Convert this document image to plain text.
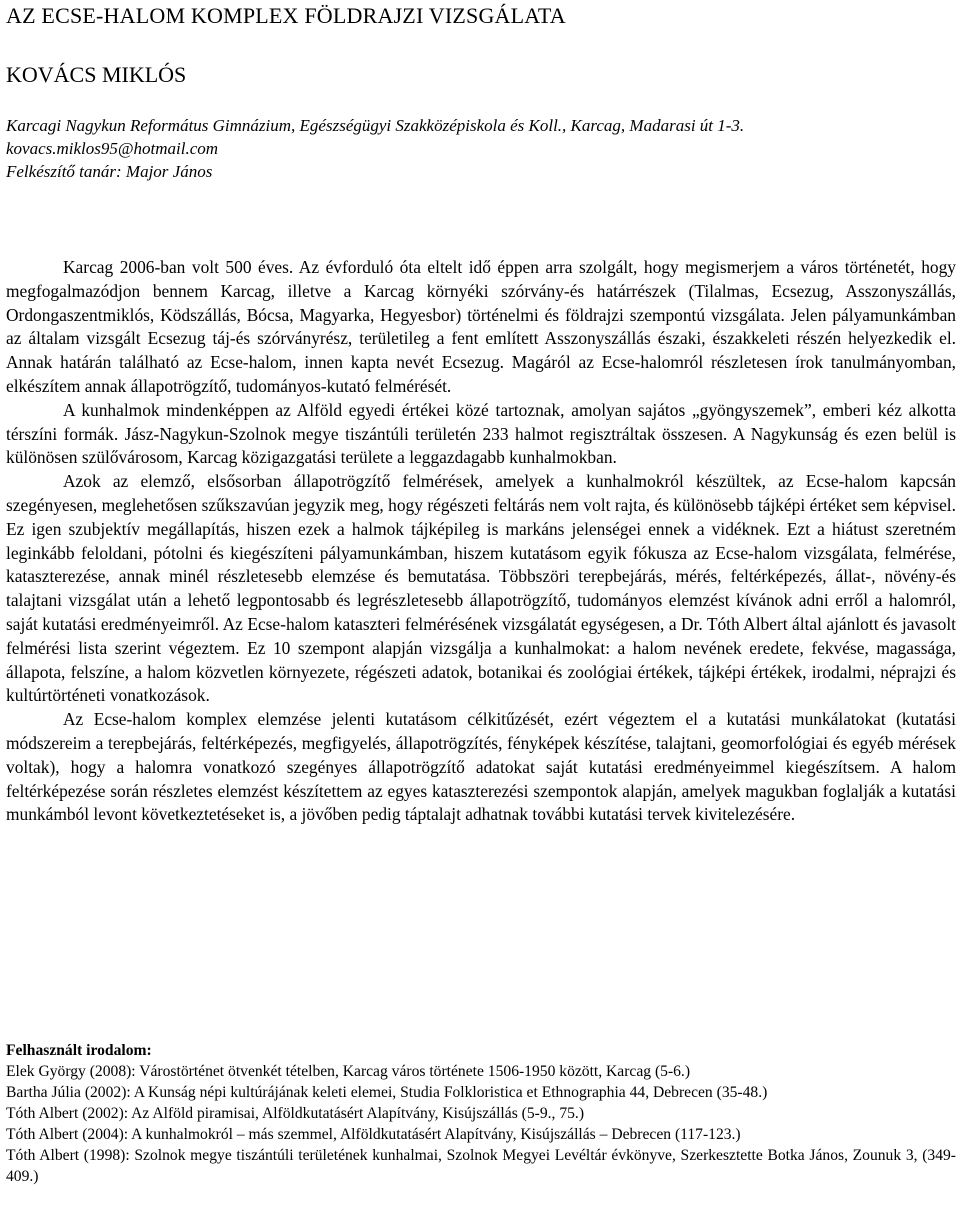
AZ ECSE-HALOM KOMPLEX FÖLDRAJZI VIZSGÁLATA
KOVÁCS MIKLÓS
Karcagi Nagykun Református Gimnázium, Egészségügyi Szakközépiskola és Koll., Karcag, Madarasi út 1-3.
kovacs.miklos95@hotmail.com
Felkészítő tanár: Major János

Karcag 2006-ban volt 500 éves. Az évforduló óta eltelt idő éppen arra szolgált, hogy megismerjem a város történetét, hogy megfogalmazódjon bennem Karcag, illetve a Karcag környéki szórvány-és határrészek (Tilalmas, Ecsezug, Asszonyszállás, Ordongaszentmiklós, Ködszállás, Bócsa, Magyarka, Hegyesbor) történelmi és földrajzi szempontú vizsgálata. Jelen pályamunkámban az általam vizsgált Ecsezug táj-és szórványrész, területileg a fent említett Asszonyszállás északi, északkeleti részén helyezkedik el. Annak határán található az Ecse-halom, innen kapta nevét Ecsezug. Magáról az Ecse-halomról részletesen írok tanulmányomban, elkészítem annak állapotrögzítő, tudományos-kutató felmérését.

A kunhalmok mindenképpen az Alföld egyedi értékei közé tartoznak, amolyan sajátos „gyöngyszemek”, emberi kéz alkotta térszíni formák. Jász-Nagykun-Szolnok megye tiszántúli területén 233 halmot regisztráltak összesen. A Nagykunság és ezen belül is különösen szülővárosom, Karcag közigazgatási területe a leggazdagabb kunhalmokban.

Azok az elemző, elsősorban állapotrögzítő felmérések, amelyek a kunhalmokról készültek, az Ecse-halom kapcsán szegényesen, meglehetősen szűkszavúan jegyzik meg, hogy régészeti feltárás nem volt rajta, és különösebb tájképi értéket sem képvisel. Ez igen szubjektív megállapítás, hiszen ezek a halmok tájképileg is markáns jelenségei ennek a vidéknek. Ezt a hiátust szeretném leginkább feloldani, pótolni és kiegészíteni pályamunkámban, hiszem kutatásom egyik fókusza az Ecse-halom vizsgálata, felmérése, kataszterezése, annak minél részletesebb elemzése és bemutatása. Többszöri terepbejárás, mérés, feltérképezés, állat-, növény-és talajtani vizsgálat után a lehető legpontosabb és legrészletesebb állapotrögzítő, tudományos elemzést kívánok adni erről a halomról, saját kutatási eredményeimről. Az Ecse-halom kataszteri felmérésének vizsgálatát egységesen, a Dr. Tóth Albert által ajánlott és javasolt felmérési lista szerint végeztem. Ez 10 szempont alapján vizsgálja a kunhalmokat: a halom nevének eredete, fekvése, magassága, állapota, felszíne, a halom közvetlen környezete, régészeti adatok, botanikai és zoológiai értékek, tájképi értékek, irodalmi, néprajzi és kultúrtörténeti vonatkozások.

Az Ecse-halom komplex elemzése jelenti kutatásom célkitűzését, ezért végeztem el a kutatási munkálatokat (kutatási módszereim a terepbejárás, feltérképezés, megfigyelés, állapotrögzítés, fényképek készítése, talajtani, geomorfológiai és egyéb mérések voltak), hogy a halomra vonatkozó szegényes állapotrögzítő adatokat saját kutatási eredményeimmel kiegészítsem. A halom feltérképezése során részletes elemzést készítettem az egyes kataszterezési szempontok alapján, amelyek magukban foglalják a kutatási munkámból levont következtetéseket is, a jövőben pedig táptalajt adhatnak további kutatási tervek kivitelezésére.

Felhasznált irodalom:

Elek György (2008): Várostörténet ötvenkét tételben, Karcag város története 1506-1950 között, Karcag (5-6.)

Bartha Júlia (2002): A Kunság népi kultúrájának keleti elemei, Studia Folkloristica et Ethnographia 44, Debrecen (35-48.)

Tóth Albert (2002): Az Alföld piramisai, Alföldkutatásért Alapítvány, Kisújszállás (5-9., 75.)

Tóth Albert (2004): A kunhalmokról – más szemmel, Alföldkutatásért Alapítvány, Kisújszállás – Debrecen (117-123.)

Tóth Albert (1998): Szolnok megye tiszántúli területének kunhalmai, Szolnok Megyei Levéltár évkönyve, Szerkesztette Botka János, Zounuk 3, (349-409.)
